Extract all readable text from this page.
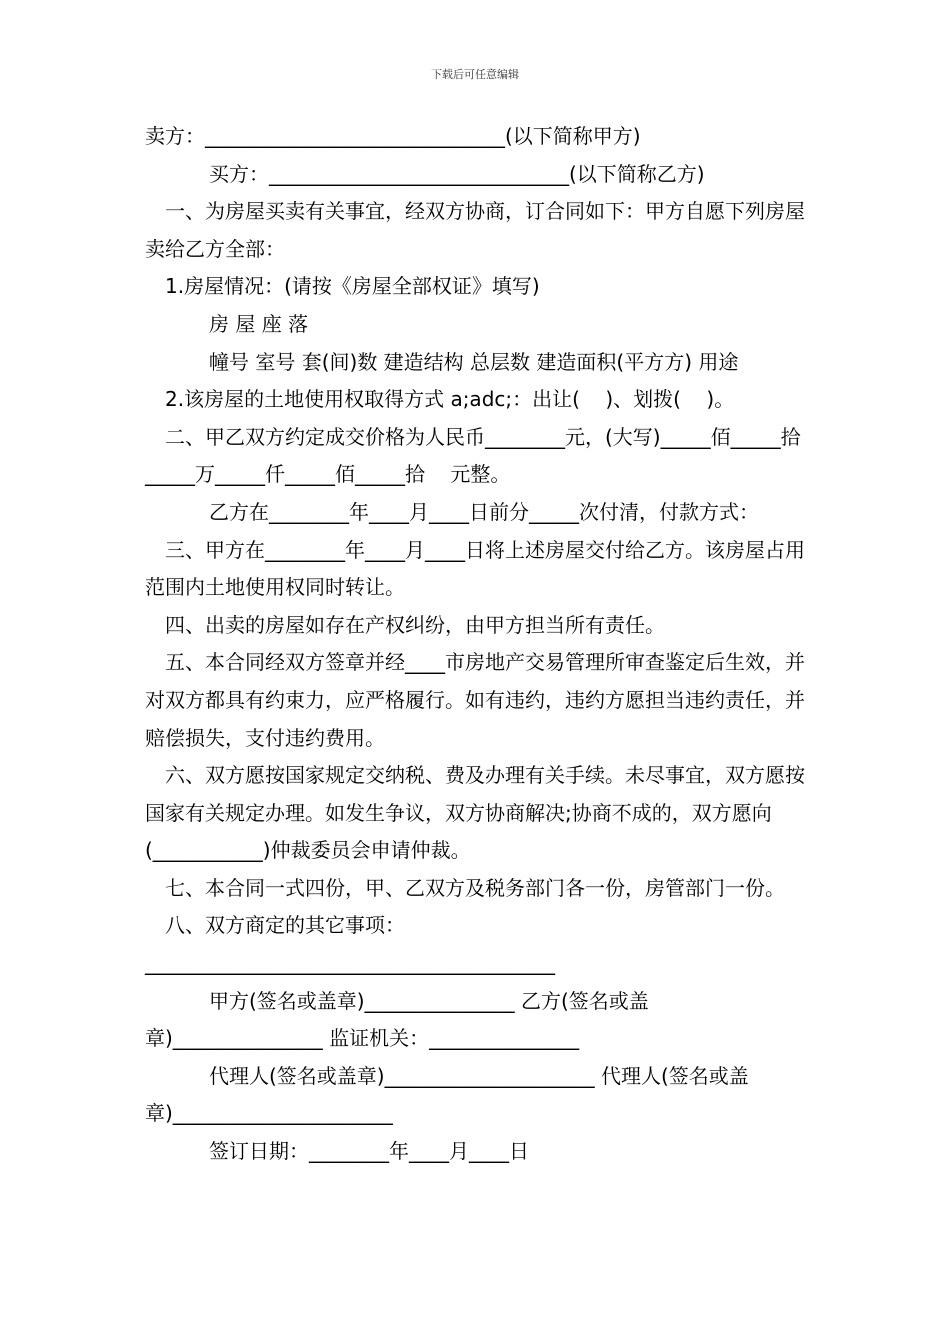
下载后可任意编辑

卖方：______________________________(以下简称甲方)

买方：______________________________(以下简称乙方)

一、为房屋买卖有关事宜，经双方协商，订合同如下：甲方自愿下列房屋卖给乙方全部：

1.房屋情况：(请按《房屋全部权证》填写)

房 屋 座 落

幢号 室号 套(间)数 建造结构 总层数 建造面积(平方方) 用途

2.该房屋的土地使用权取得方式 a;adc;：出让(    )、划拨(    )。

二、甲乙双方约定成交价格为人民币________元，(大写)_____佰_____拾_____万_____仟_____佰_____拾    元整。

乙方在________年____月____日前分_____次付清，付款方式：

三、甲方在________年____月____日将上述房屋交付给乙方。该房屋占用范围内土地使用权同时转让。

四、出卖的房屋如存在产权纠纷，由甲方担当所有责任。

五、本合同经双方签章并经____市房地产交易管理所审查鉴定后生效，并对双方都具有约束力，应严格履行。如有违约，违约方愿担当违约责任，并赔偿损失，支付违约费用。

六、双方愿按国家规定交纳税、费及办理有关手续。未尽事宜，双方愿按国家有关规定办理。如发生争议，双方协商解决;协商不成的，双方愿向(___________)仲裁委员会申请仲裁。

七、本合同一式四份，甲、乙双方及税务部门各一份，房管部门一份。

八、双方商定的其它事项：_________________________________________

甲方(签名或盖章)_______________ 乙方(签名或盖章)_______________ 监证机关：_______________

代理人(签名或盖章)_____________________ 代理人(签名或盖章)______________________

签订日期：________年____月____日
